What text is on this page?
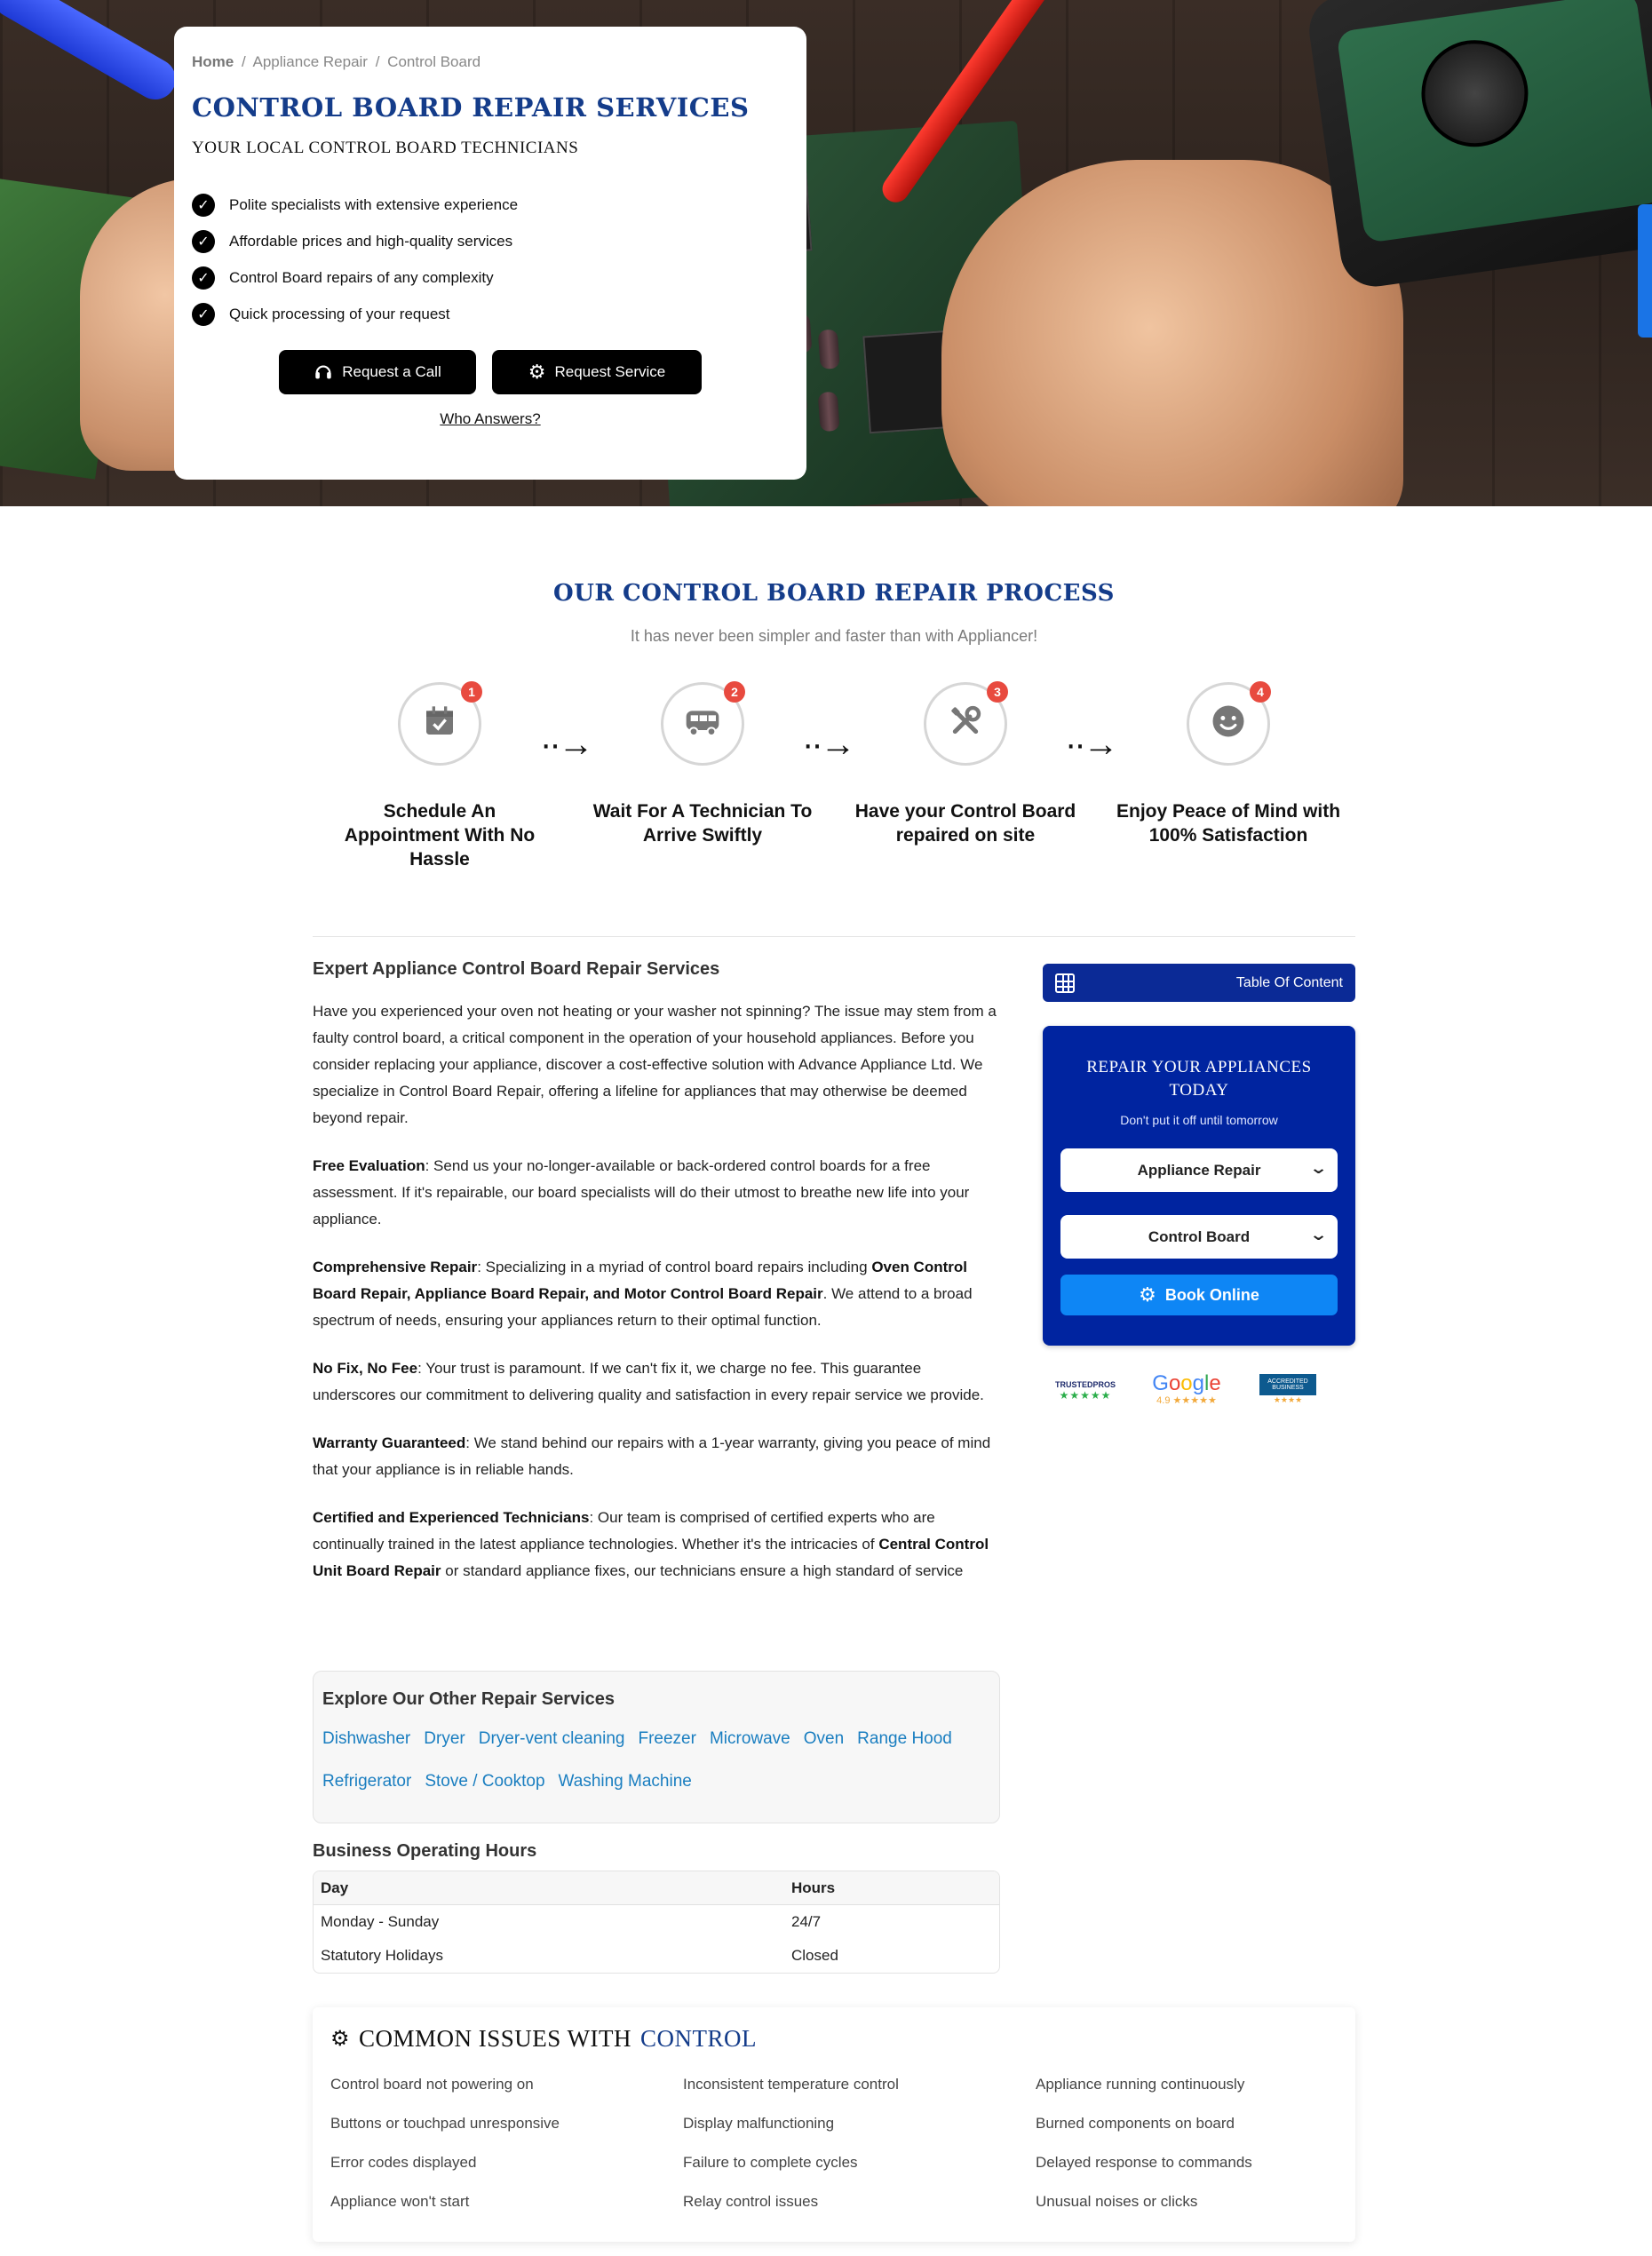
Home / Appliance Repair / Control Board
CONTROL BOARD REPAIR SERVICES
YOUR LOCAL CONTROL BOARD TECHNICIANS
✓	Polite specialists with extensive experience
✓	Affordable prices and high-quality services
✓	Control Board repairs of any complexity
✓	Quick processing of your request
Request a Call	⚙ Request Service
Who Answers?
OUR CONTROL BOARD REPAIR PROCESS
It has never been simpler and faster than with Appliancer!
1
Schedule An Appointment With No Hassle
··→
2
Wait For A Technician To Arrive Swiftly
··→
3
Have your Control Board repaired on site
··→
4
Enjoy Peace of Mind with 100% Satisfaction
Expert Appliance Control Board Repair Services

Have you experienced your oven not heating or your washer not spinning? The issue may stem from a faulty control board, a critical component in the operation of your household appliances. Before you consider replacing your appliance, discover a cost-effective solution with Advance Appliance Ltd. We specialize in Control Board Repair, offering a lifeline for appliances that may otherwise be deemed beyond repair.

Free Evaluation: Send us your no-longer-available or back-ordered control boards for a free assessment. If it's repairable, our board specialists will do their utmost to breathe new life into your appliance.

Comprehensive Repair: Specializing in a myriad of control board repairs including Oven Control Board Repair, Appliance Board Repair, and Motor Control Board Repair. We attend to a broad spectrum of needs, ensuring your appliances return to their optimal function.

No Fix, No Fee: Your trust is paramount. If we can't fix it, we charge no fee. This guarantee underscores our commitment to delivering quality and satisfaction in every repair service we provide.

Warranty Guaranteed: We stand behind our repairs with a 1-year warranty, giving you peace of mind that your appliance is in reliable hands.

Certified and Experienced Technicians: Our team is comprised of certified experts who are continually trained in the latest appliance technologies. Whether it's the intricacies of Central Control Unit Board Repair or standard appliance fixes, our technicians ensure a high standard of service

Explore Our Other Repair Services
Dishwasher Dryer Dryer-vent cleaning Freezer Microwave Oven Range Hood
Refrigerator Stove / Cooktop Washing Machine
Business Operating Hours
Day	Hours
Monday - Sunday	24/7
Statutory Holidays	Closed
Table Of Content
REPAIR YOUR APPLIANCES TODAY
Don't put it off until tomorrow
Appliance Repair	⌄
Control Board	⌄
⚙ Book Online
TRUSTEDPROS
★★★★★	Google
4.9 ★★★★★
ACCREDITED BUSINESS
★★★★
⚙ COMMON ISSUES WITH CONTROL
Control board not powering on	Inconsistent temperature control	Appliance running continuously
Buttons or touchpad unresponsive	Display malfunctioning	Burned components on board
Error codes displayed	Failure to complete cycles	Delayed response to commands
Appliance won't start	Relay control issues	Unusual noises or clicks
